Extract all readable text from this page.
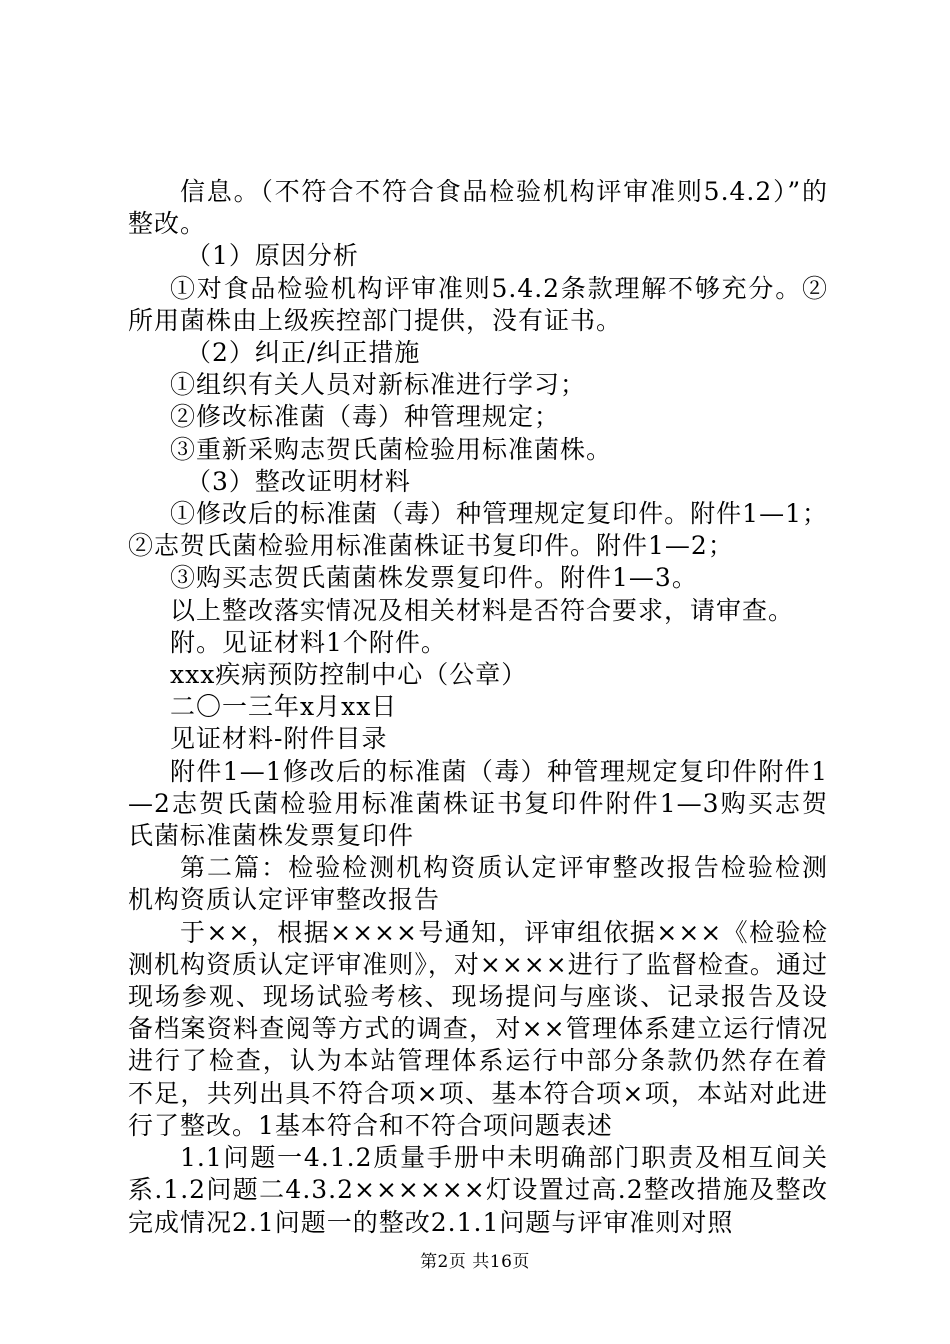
信息。（不符合不符合食品检验机构评审准则5.4.2）”的整改。

（1）原因分析

①对食品检验机构评审准则5.4.2条款理解不够充分。②所用菌株由上级疾控部门提供，没有证书。

（2）纠正/纠正措施

①组织有关人员对新标准进行学习；

②修改标准菌（毒）种管理规定；

③重新采购志贺氏菌检验用标准菌株。

（3）整改证明材料

①修改后的标准菌（毒）种管理规定复印件。附件1—1；②志贺氏菌检验用标准菌株证书复印件。附件1—2；

③购买志贺氏菌菌株发票复印件。附件1—3。

以上整改落实情况及相关材料是否符合要求，请审查。

附。见证材料1个附件。

xxx疾病预防控制中心（公章）

二〇一三年x月xx日

见证材料-附件目录

附件1—1修改后的标准菌（毒）种管理规定复印件附件1—2志贺氏菌检验用标准菌株证书复印件附件1—3购买志贺氏菌标准菌株发票复印件

第二篇：检验检测机构资质认定评审整改报告检验检测机构资质认定评审整改报告

于××，根据××××号通知，评审组依据×××《检验检测机构资质认定评审准则》，对××××进行了监督检查。通过现场参观、现场试验考核、现场提问与座谈、记录报告及设备档案资料查阅等方式的调查，对××管理体系建立运行情况进行了检查，认为本站管理体系运行中部分条款仍然存在着不足，共列出具不符合项×项、基本符合项×项，本站对此进行了整改。1基本符合和不符合项问题表述

1.1问题一4.1.2质量手册中未明确部门职责及相互间关系.1.2问题二4.3.2××××××灯设置过高.2整改措施及整改完成情况2.1问题一的整改2.1.1问题与评审准则对照

第2页 共16页
